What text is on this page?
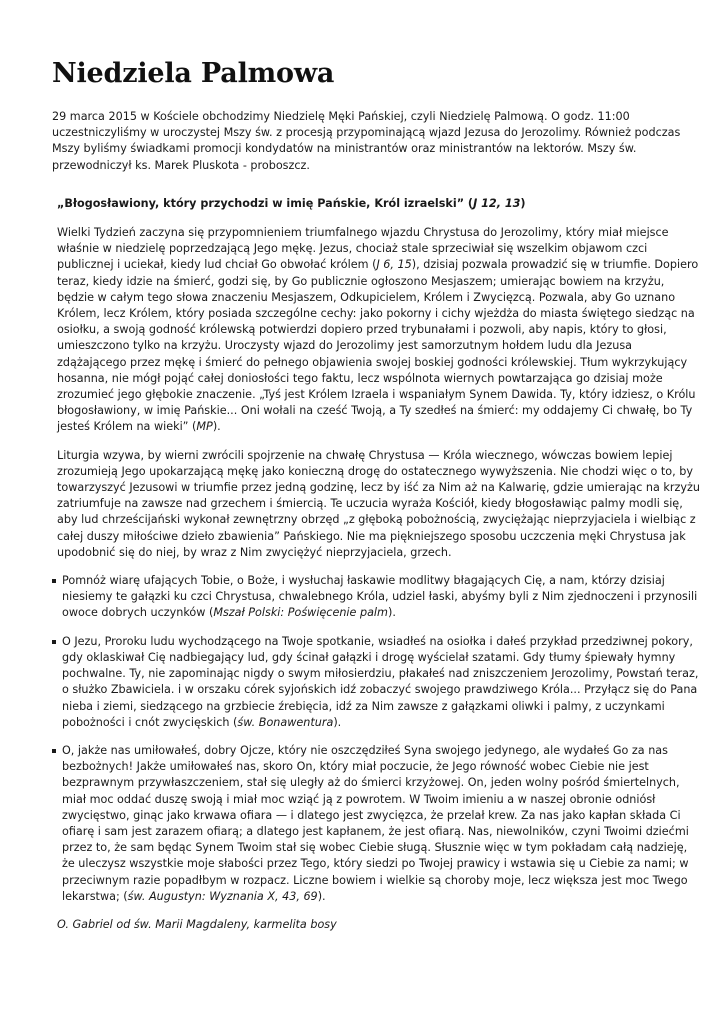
Niedziela Palmowa

29 marca 2015 w Kościele obchodzimy Niedzielę Męki Pańskiej, czyli Niedzielę Palmową. O godz. 11:00 uczestniczyliśmy w uroczystej Mszy św. z procesją przypominającą wjazd Jezusa do Jerozolimy. Również podczas Mszy byliśmy świadkami promocji kondydatów na ministrantów oraz ministrantów na lektorów. Mszy św. przewodniczył ks. Marek Pluskota - proboszcz.

„Błogosławiony, który przychodzi w imię Pańskie, Król izraelski” (J 12, 13)

Wielki Tydzień zaczyna się przypomnieniem triumfalnego wjazdu Chrystusa do Jerozolimy, który miał miejsce właśnie w niedzielę poprzedzającą Jego mękę. Jezus, chociaż stale sprzeciwiał się wszelkim objawom czci publicznej i uciekał, kiedy lud chciał Go obwołać królem (J 6, 15), dzisiaj pozwala prowadzić się w triumfie. Dopiero teraz, kiedy idzie na śmierć, godzi się, by Go publicznie ogłoszono Mesjaszem; umierając bowiem na krzyżu, będzie w całym tego słowa znaczeniu Mesjaszem, Odkupicielem, Królem i Zwycięzcą. Pozwala, aby Go uznano Królem, lecz Królem, który posiada szczególne cechy: jako pokorny i cichy wjeżdża do miasta świętego siedząc na osiołku, a swoją godność królewską potwierdzi dopiero przed trybunałami i pozwoli, aby napis, który to głosi, umieszczono tylko na krzyżu. Uroczysty wjazd do Jerozolimy jest samorzutnym hołdem ludu dla Jezusa zdążającego przez mękę i śmierć do pełnego objawienia swojej boskiej godności królewskiej. Tłum wykrzykujący hosanna, nie mógł pojąć całej doniosłości tego faktu, lecz wspólnota wiernych powtarzająca go dzisiaj może zrozumieć jego głębokie znaczenie. „Tyś jest Królem Izraela i wspaniałym Synem Dawida. Ty, który idziesz, o Królu błogosławiony, w imię Pańskie... Oni wołali na cześć Twoją, a Ty szedłeś na śmierć: my oddajemy Ci chwałę, bo Ty jesteś Królem na wieki” (MP).

Liturgia wzywa, by wierni zwrócili spojrzenie na chwałę Chrystusa — Króla wiecznego, wówczas bowiem lepiej zrozumieją Jego upokarzającą mękę jako konieczną drogę do ostatecznego wywyższenia. Nie chodzi więc o to, by towarzyszyć Jezusowi w triumfie przez jedną godzinę, lecz by iść za Nim aż na Kalwarię, gdzie umierając na krzyżu zatriumfuje na zawsze nad grzechem i śmiercią. Te uczucia wyraża Kościół, kiedy błogosławiąc palmy modli się, aby lud chrześcijański wykonał zewnętrzny obrzęd „z głęboką pobożnością, zwyciężając nieprzyjaciela i wielbiąc z całej duszy miłościwe dzieło zbawienia” Pańskiego. Nie ma piękniejszego sposobu uczczenia męki Chrystusa jak upodobnić się do niej, by wraz z Nim zwyciężyć nieprzyjaciela, grzech.

Pomnóż wiarę ufających Tobie, o Boże, i wysłuchaj łaskawie modlitwy błagających Cię, a nam, którzy dzisiaj niesiemy te gałązki ku czci Chrystusa, chwalebnego Króla, udziel łaski, abyśmy byli z Nim zjednoczeni i przynosili owoce dobrych uczynków (Mszał Polski: Poświęcenie palm).
O Jezu, Proroku ludu wychodzącego na Twoje spotkanie, wsiadłeś na osiołka i dałeś przykład przedziwnej pokory, gdy oklaskiwał Cię nadbiegający lud, gdy ścinał gałązki i drogę wyścielał szatami. Gdy tłumy śpiewały hymny pochwalne. Ty, nie zapominając nigdy o swym miłosierdziu, płakałeś nad zniszczeniem Jerozolimy, Powstań teraz, o służko Zbawiciela. i w orszaku córek syjońskich idź zobaczyć swojego prawdziwego Króla... Przyłącz się do Pana nieba i ziemi, siedzącego na grzbiecie źrebięcia, idź za Nim zawsze z gałązkami oliwki i palmy, z uczynkami pobożności i cnót zwycięskich (św. Bonawentura).
O, jakże nas umiłowałeś, dobry Ojcze, który nie oszczędziłeś Syna swojego jedynego, ale wydałeś Go za nas bezbożnych! Jakże umiłowałeś nas, skoro On, który miał poczucie, że Jego równość wobec Ciebie nie jest bezprawnym przywłaszczeniem, stał się uległy aż do śmierci krzyżowej. On, jeden wolny pośród śmiertelnych, miał moc oddać duszę swoją i miał moc wziąć ją z powrotem. W Twoim imieniu a w naszej obronie odniósł zwycięstwo, ginąc jako krwawa ofiara — i dlatego jest zwycięzca, że przelał krew. Za nas jako kapłan składa Ci ofiarę i sam jest zarazem ofiarą; a dlatego jest kapłanem, że jest ofiarą. Nas, niewolników, czyni Twoimi dziećmi przez to, że sam będąc Synem Twoim stał się wobec Ciebie sługą. Słusznie więc w tym pokładam całą nadzieję, że uleczysz wszystkie moje słabości przez Tego, który siedzi po Twojej prawicy i wstawia się u Ciebie za nami; w przeciwnym razie popadłbym w rozpacz. Liczne bowiem i wielkie są choroby moje, lecz większa jest moc Twego lekarstwa; (św. Augustyn: Wyznania X, 43, 69).

O. Gabriel od św. Marii Magdaleny, karmelita bosy
